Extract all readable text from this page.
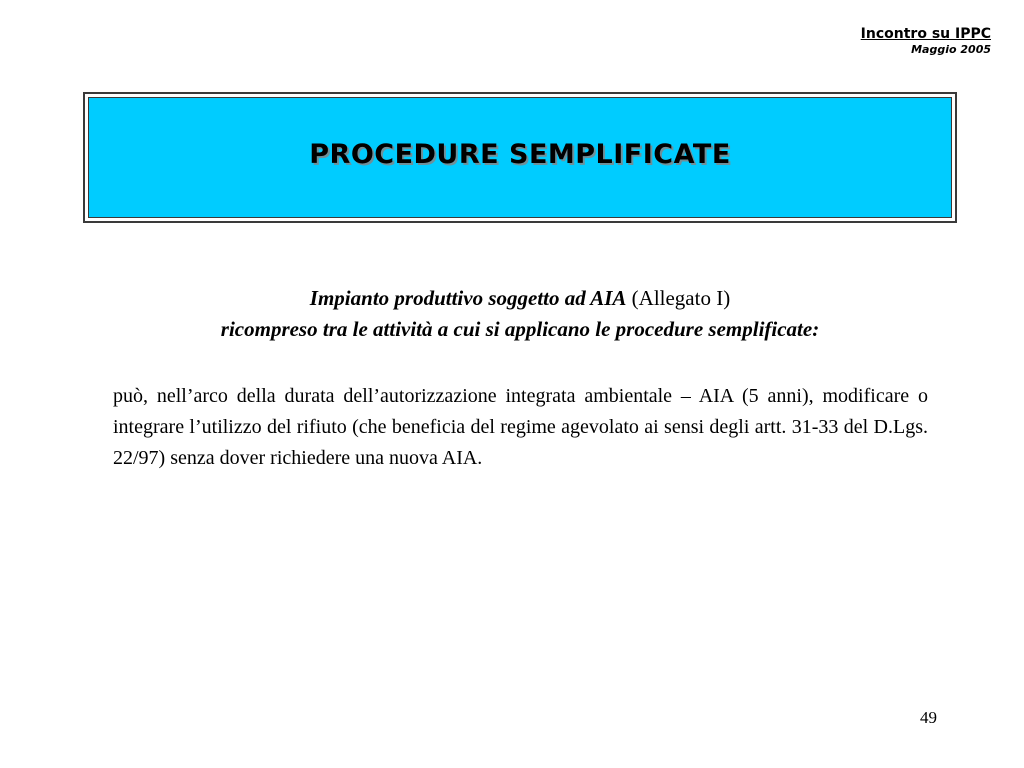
Incontro su IPPC
Maggio 2005
PROCEDURE SEMPLIFICATE
Impianto produttivo soggetto ad AIA (Allegato I)
ricompreso tra le attività a cui si applicano le procedure semplificate:
può, nell’arco della durata dell’autorizzazione integrata ambientale – AIA (5 anni), modificare o integrare l’utilizzo del rifiuto (che beneficia del regime agevolato ai sensi degli artt. 31-33 del D.Lgs. 22/97) senza dover richiedere una nuova AIA.
49
